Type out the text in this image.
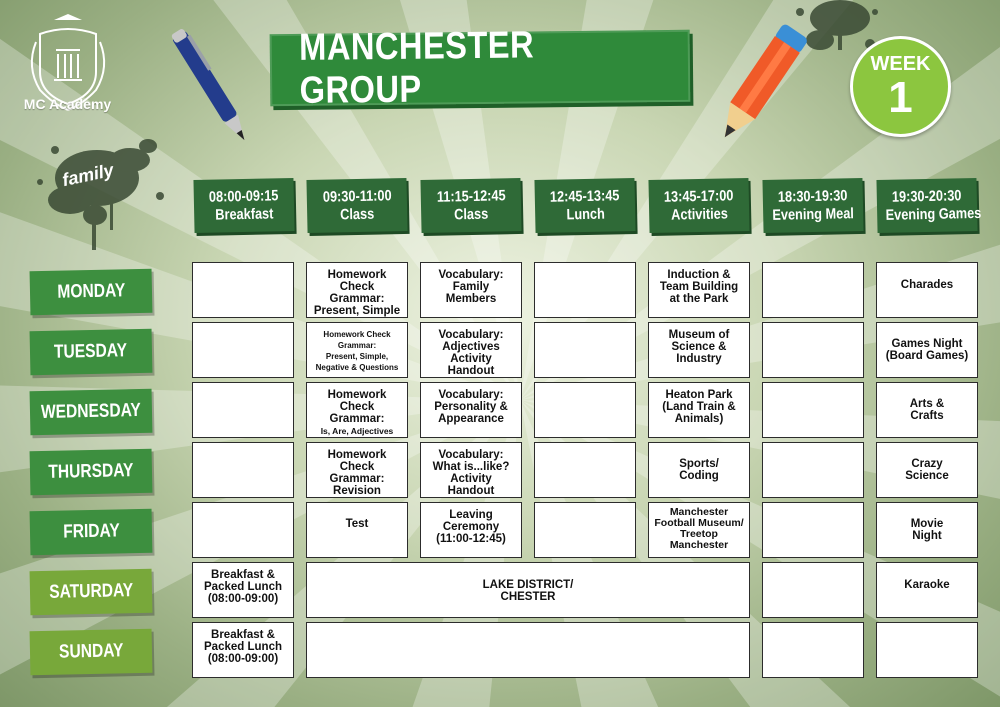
MC Academy
family
MANCHESTER GROUP
WEEK
1
08:00-09:15
Breakfast
09:30-11:00
Class
11:15-12:45
Class
12:45-13:45
Lunch
13:45-17:00
Activities
18:30-19:30
Evening Meal
19:30-20:30
Evening Games
MONDAY
TUESDAY
WEDNESDAY
THURSDAY
FRIDAY
SATURDAY
SUNDAY
Homework
Check
Grammar:
Present, Simple
Vocabulary:
Family
Members
Induction &
Team Building
at the Park
Charades
Homework Check
Grammar:
Present, Simple,
Negative & Questions
Vocabulary:
Adjectives
Activity
Handout
Museum of
Science &
Industry
Games Night
(Board Games)
Homework
Check
Grammar:
Is, Are, Adjectives
Vocabulary:
Personality &
Appearance
Heaton Park
(Land Train &
Animals)
Arts &
Crafts
Homework
Check
Grammar:
Revision
Vocabulary:
What is...like?
Activity
Handout
Sports/
Coding
Crazy
Science
Test
Leaving
Ceremony
(11:00-12:45)
Manchester
Football Museum/
Treetop
Manchester
Movie
Night
Breakfast &
Packed Lunch
(08:00-09:00)
LAKE DISTRICT/
CHESTER
Karaoke
Breakfast &
Packed Lunch
(08:00-09:00)
